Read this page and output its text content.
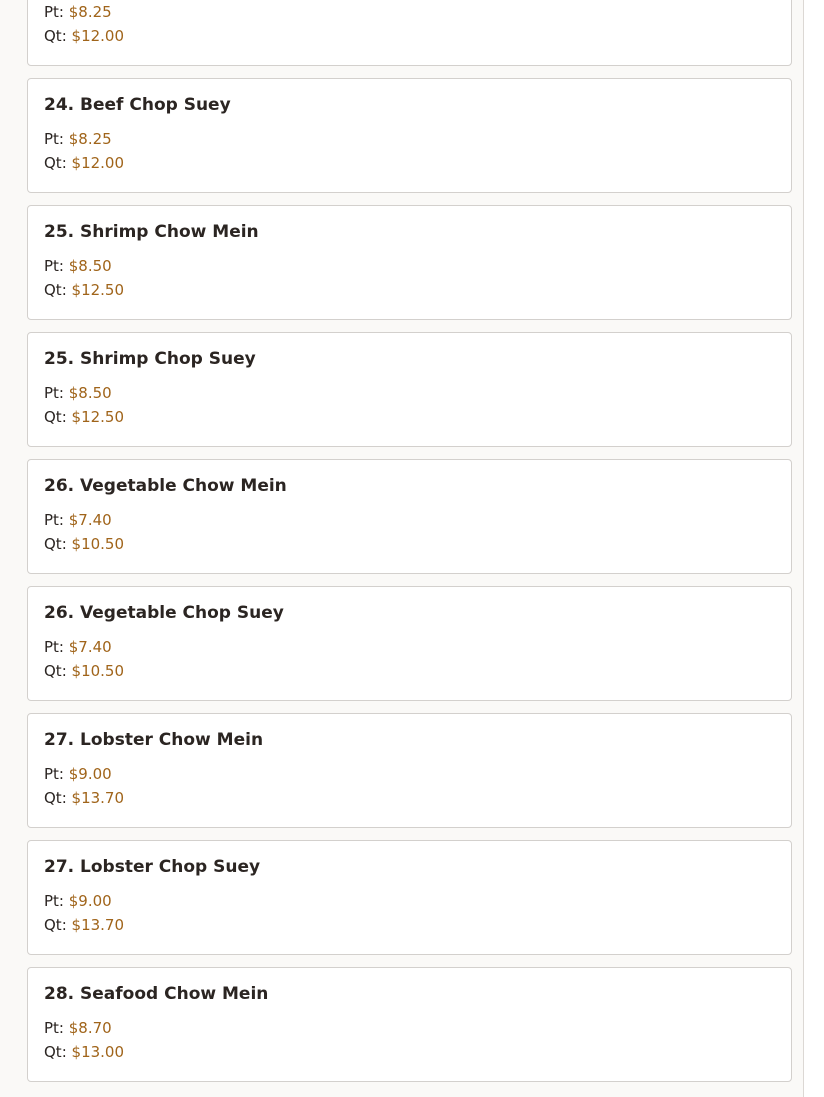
Pt: $8.25
Qt: $12.00
24. Beef Chop Suey
Pt: $8.25
Qt: $12.00
25. Shrimp Chow Mein
Pt: $8.50
Qt: $12.50
25. Shrimp Chop Suey
Pt: $8.50
Qt: $12.50
26. Vegetable Chow Mein
Pt: $7.40
Qt: $10.50
26. Vegetable Chop Suey
Pt: $7.40
Qt: $10.50
27. Lobster Chow Mein
Pt: $9.00
Qt: $13.70
27. Lobster Chop Suey
Pt: $9.00
Qt: $13.70
28. Seafood Chow Mein
Pt: $8.70
Qt: $13.00
